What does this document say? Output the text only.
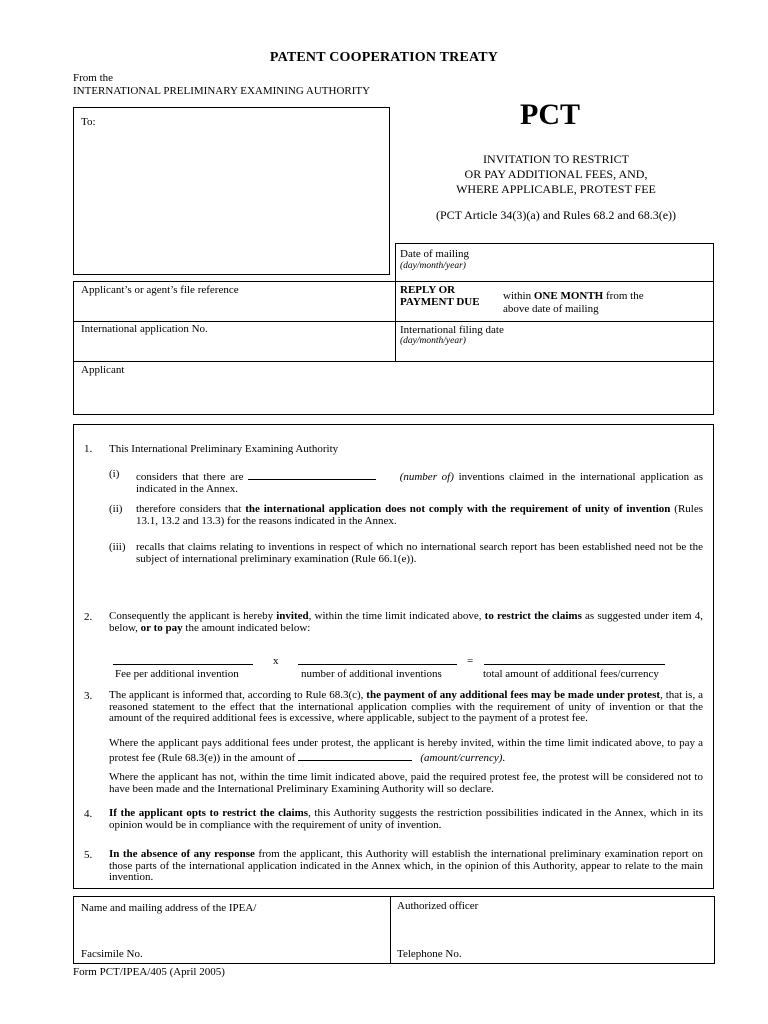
PATENT COOPERATION TREATY
From the
INTERNATIONAL PRELIMINARY EXAMINING AUTHORITY
PCT
INVITATION TO RESTRICT
OR PAY ADDITIONAL FEES, AND,
WHERE APPLICABLE, PROTEST FEE
(PCT Article 34(3)(a) and Rules 68.2 and 68.3(e))
To:
Date of mailing
(day/month/year)
Applicant’s or agent’s file reference	REPLY OR
PAYMENT DUE within ONE MONTH from the
above date of mailing
International application No.	International filing date
(day/month/year)
Applicant
1. This International Preliminary Examining Authority
(i) considers that there are	(number of) inventions claimed in the international application as indicated in the Annex.
(ii) therefore considers that the international application does not comply with the requirement of unity of invention (Rules 13.1, 13.2 and 13.3) for the reasons indicated in the Annex.
(iii) recalls that claims relating to inventions in respect of which no international search report has been established need not be the subject of international preliminary examination (Rule 66.1(e)).
2. Consequently the applicant is hereby invited, within the time limit indicated above, to restrict the claims as suggested under item 4, below, or to pay the amount indicated below:
x	=
Fee per additional invention	number of additional inventions	total amount of additional fees/currency
3. The applicant is informed that, according to Rule 68.3(c), the payment of any additional fees may be made under protest, that is, a reasoned statement to the effect that the international application complies with the requirement of unity of invention or that the amount of the required additional fees is excessive, where applicable, subject to the payment of a protest fee.
Where the applicant pays additional fees under protest, the applicant is hereby invited, within the time limit indicated above, to pay a protest fee (Rule 68.3(e)) in the amount of	(amount/currency).
Where the applicant has not, within the time limit indicated above, paid the required protest fee, the protest will be considered not to have been made and the International Preliminary Examining Authority will so declare.
4. If the applicant opts to restrict the claims, this Authority suggests the restriction possibilities indicated in the Annex, which in its opinion would be in compliance with the requirement of unity of invention.
5. In the absence of any response from the applicant, this Authority will establish the international preliminary examination report on those parts of the international application indicated in the Annex which, in the opinion of this Authority, appear to relate to the main invention.
Name and mailing address of the IPEA/
Facsimile No.
Authorized officer
Telephone No.
Form PCT/IPEA/405 (April 2005)
